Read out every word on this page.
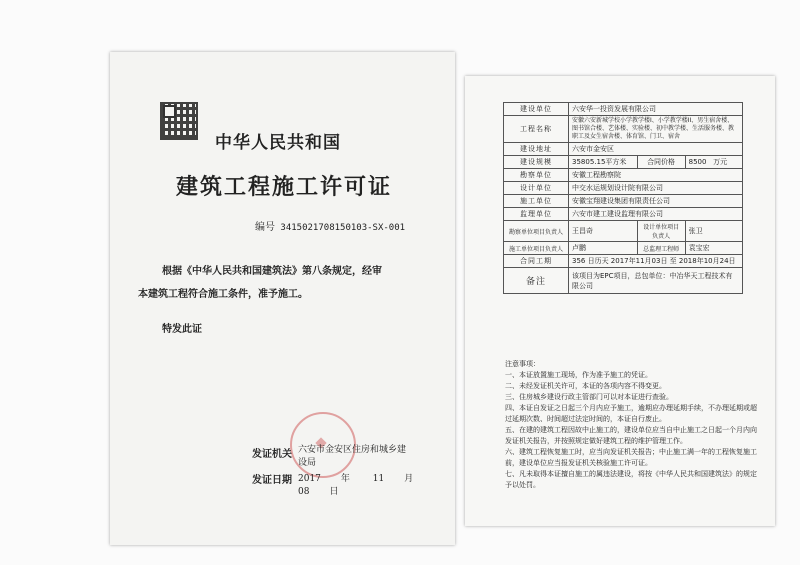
中华人民共和国
建筑工程施工许可证
编号 3415021708150103-SX-001
根据《中华人民共和国建筑法》第八条规定，经审
本建筑工程符合施工条件，准予施工。
特发此证
发证机关 六安市金安区住房和城乡建设局
发证日期 2017 年	11 月 08 日
建设单位	六安华一投资发展有限公司		
工程名称	安徽六安新城学校小学教学楼I、小学教学楼II、男生宿舍楼、图书馆合楼、艺体楼、实验楼、初中教学楼、生活服务楼、教职工及女生宿舍楼、体育馆、门卫、宿舍		
建设地址	六安市金安区		
建设规模	35805.15平方米	合同价格	8500 万元
勘察单位	安徽工程勘察院		
设计单位	中交水运规划设计院有限公司		
施工单位	安徽宝翔建设集团有限责任公司		
监理单位	六安市建工建设监理有限公司		
勘察单位项目负责人	王昌奇	设计单位项目负责人	张卫
施工单位项目负责人	卢鹏	总监理工程师	袁宝宏
合同工期	356 日历天 2017年11月03日 至 2018年10月24日		
备注	该项目为EPC项目，总包单位：中冶华天工程技术有限公司		
注意事项：
一、本证放置施工现场，作为准予施工的凭证。
二、未经发证机关许可，本证的各项内容不得变更。
三、住房城乡建设行政主管部门可以对本证进行查验。
四、本证自发证之日起三个月内应予施工，逾期应办理延期手续，不办理延期或超过延期次数、时间超过法定时间的，本证自行废止。
五、在建的建筑工程因故中止施工的，建设单位应当自中止施工之日起一个月内向发证机关报告，并按照规定做好建筑工程的维护管理工作。
六、建筑工程恢复施工时，应当向发证机关报告；中止施工满一年的工程恢复施工前，建设单位应当报发证机关核验施工许可证。
七、凡未取得本证擅自施工的属违法建设，将按《中华人民共和国建筑法》的规定予以处罚。
